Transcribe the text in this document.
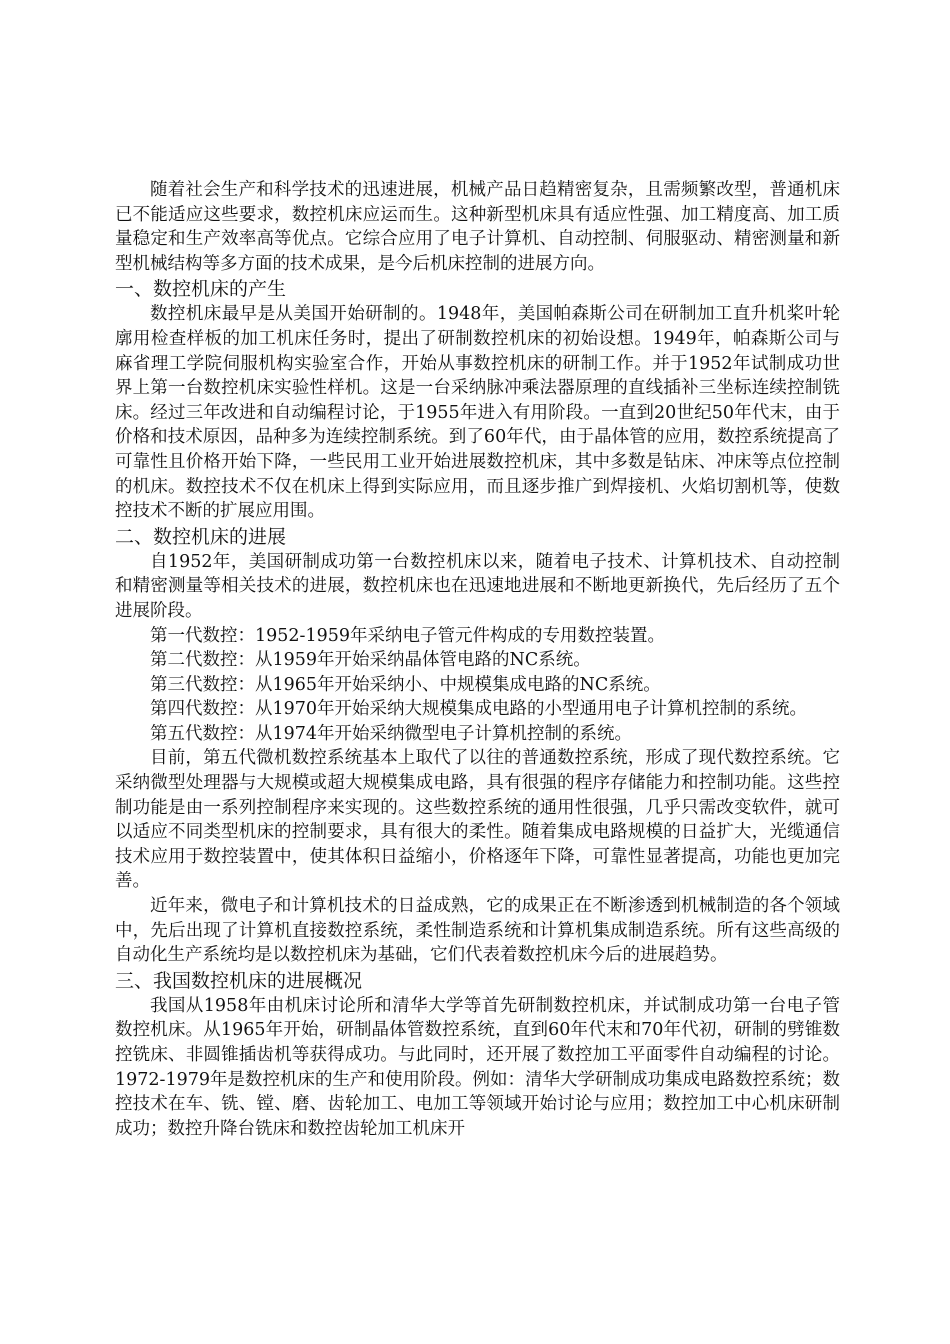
随着社会生产和科学技术的迅速进展，机械产品日趋精密复杂，且需频繁改型，普通机床已不能适应这些要求，数控机床应运而生。这种新型机床具有适应性强、加工精度高、加工质量稳定和生产效率高等优点。它综合应用了电子计算机、自动控制、伺服驱动、精密测量和新型机械结构等多方面的技术成果，是今后机床控制的进展方向。

一、数控机床的产生

数控机床最早是从美国开始研制的。1948年，美国帕森斯公司在研制加工直升机桨叶轮廓用检查样板的加工机床任务时，提出了研制数控机床的初始设想。1949年，帕森斯公司与麻省理工学院伺服机构实验室合作，开始从事数控机床的研制工作。并于1952年试制成功世界上第一台数控机床实验性样机。这是一台采纳脉冲乘法器原理的直线插补三坐标连续控制铣床。经过三年改进和自动编程讨论，于1955年进入有用阶段。一直到20世纪50年代末，由于价格和技术原因，品种多为连续控制系统。到了60年代，由于晶体管的应用，数控系统提高了可靠性且价格开始下降，一些民用工业开始进展数控机床，其中多数是钻床、冲床等点位控制的机床。数控技术不仅在机床上得到实际应用，而且逐步推广到焊接机、火焰切割机等，使数控技术不断的扩展应用围。

二、数控机床的进展

自1952年，美国研制成功第一台数控机床以来，随着电子技术、计算机技术、自动控制和精密测量等相关技术的进展，数控机床也在迅速地进展和不断地更新换代，先后经历了五个进展阶段。

第一代数控：1952-1959年采纳电子管元件构成的专用数控装置。

第二代数控：从1959年开始采纳晶体管电路的NC系统。

第三代数控：从1965年开始采纳小、中规模集成电路的NC系统。

第四代数控：从1970年开始采纳大规模集成电路的小型通用电子计算机控制的系统。

第五代数控：从1974年开始采纳微型电子计算机控制的系统。

目前，第五代微机数控系统基本上取代了以往的普通数控系统，形成了现代数控系统。它采纳微型处理器与大规模或超大规模集成电路，具有很强的程序存储能力和控制功能。这些控制功能是由一系列控制程序来实现的。这些数控系统的通用性很强，几乎只需改变软件，就可以适应不同类型机床的控制要求，具有很大的柔性。随着集成电路规模的日益扩大，光缆通信技术应用于数控装置中，使其体积日益缩小，价格逐年下降，可靠性显著提高，功能也更加完善。

近年来，微电子和计算机技术的日益成熟，它的成果正在不断渗透到机械制造的各个领域中，先后出现了计算机直接数控系统，柔性制造系统和计算机集成制造系统。所有这些高级的自动化生产系统均是以数控机床为基础，它们代表着数控机床今后的进展趋势。

三、我国数控机床的进展概况

我国从1958年由机床讨论所和清华大学等首先研制数控机床，并试制成功第一台电子管数控机床。从1965年开始，研制晶体管数控系统，直到60年代末和70年代初，研制的劈锥数控铣床、非圆锥插齿机等获得成功。与此同时，还开展了数控加工平面零件自动编程的讨论。1972-1979年是数控机床的生产和使用阶段。例如：清华大学研制成功集成电路数控系统；数控技术在车、铣、镗、磨、齿轮加工、电加工等领域开始讨论与应用；数控加工中心机床研制成功；数控升降台铣床和数控齿轮加工机床开
